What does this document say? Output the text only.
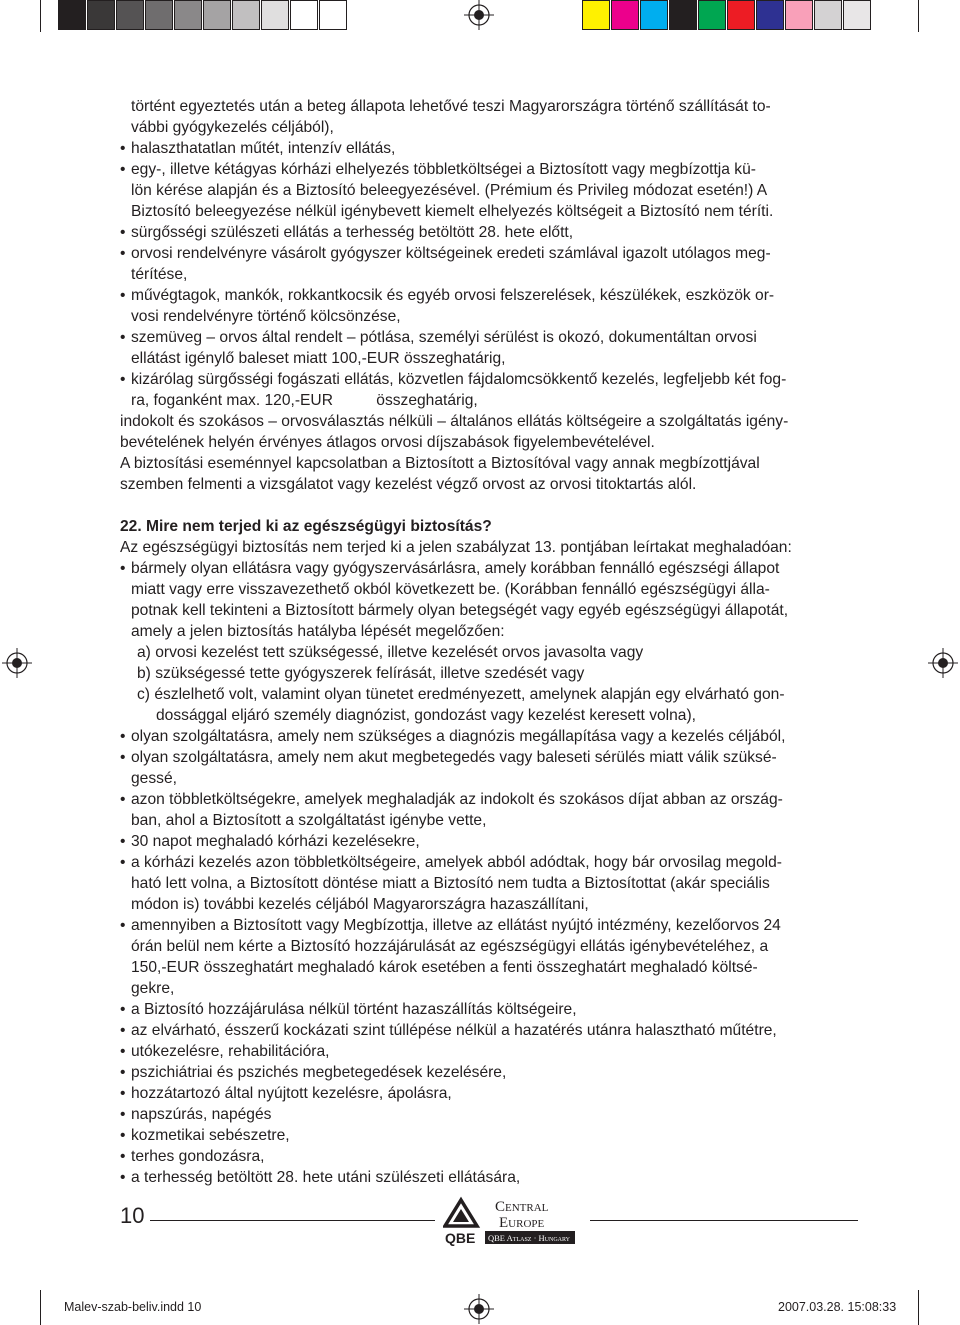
történt egyeztetés után a beteg állapota lehetővé teszi Magyarországra történő szállítását to-

vábbi gyógykezelés céljából),

• halaszthatatlan műtét, intenzív ellátás,

• egy-, illetve kétágyas kórházi elhelyezés többletköltségei a Biztosított vagy megbízottja kü-

lön kérése alapján és a Biztosító beleegyezésével. (Prémium és Privileg módozat esetén!) A

Biztosító beleegyezése nélkül igénybevett kiemelt elhelyezés költségeit a Biztosító nem téríti.

• sürgősségi szülészeti ellátás a terhesség betöltött 28. hete előtt,

• orvosi rendelvényre vásárolt gyógyszer költségeinek eredeti számlával igazolt utólagos meg-

térítése,

• művégtagok, mankók, rokkantkocsik és egyéb orvosi felszerelések, készülékek, eszközök or-

vosi rendelvényre történő kölcsönzése,

• szemüveg – orvos által rendelt – pótlása, személyi sérülést is okozó, dokumentáltan orvosi

ellátást igénylő baleset miatt 100,-EUR összeghatárig,

• kizárólag sürgősségi fogászati ellátás, közvetlen fájdalomcsökkentő kezelés, legfeljebb két fog-

ra, foganként max. 120,-EUR          összeghatárig,

indokolt és szokásos – orvosválasztás nélküli – általános ellátás költségeire a szolgáltatás igény-

bevételének helyén érvényes átlagos orvosi díjszabások figyelembevételével.

A biztosítási eseménnyel kapcsolatban a Biztosított a Biztosítóval vagy annak megbízottjával

szemben felmenti a vizsgálatot vagy kezelést végző orvost az orvosi titoktartás alól.

22. Mire nem terjed ki az egészségügyi biztosítás?

Az egészségügyi biztosítás nem terjed ki a jelen szabályzat 13. pontjában leírtakat meghaladóan:

• bármely olyan ellátásra vagy gyógyszervásárlásra, amely korábban fennálló egészségi állapot

miatt vagy erre visszavezethető okból következett be. (Korábban fennálló egészségügyi álla-

potnak kell tekinteni a Biztosított bármely olyan betegségét vagy egyéb egészségügyi állapotát,

amely a jelen biztosítás hatályba lépését megelőzően:

a) orvosi kezelést tett szükségessé, illetve kezelését orvos javasolta vagy

b) szükségessé tette gyógyszerek felírását, illetve szedését vagy

c) észlelhető volt, valamint olyan tünetet eredményezett, amelynek alapján egy elvárható gon-

dossággal eljáró személy diagnózist, gondozást vagy kezelést keresett volna),

• olyan szolgáltatásra, amely nem szükséges a diagnózis megállapítása vagy a kezelés céljából,

• olyan szolgáltatásra, amely nem akut megbetegedés vagy baleseti sérülés miatt válik szüksé-

gessé,

• azon többletköltségekre, amelyek meghaladják az indokolt és szokásos díjat abban az ország-

ban, ahol a Biztosított a szolgáltatást igénybe vette,

• 30 napot meghaladó kórházi kezelésekre,

• a kórházi kezelés azon többletköltségeire, amelyek abból adódtak, hogy bár orvosilag megold-

ható lett volna, a Biztosított döntése miatt a Biztosító nem tudta a Biztosítottat (akár speciális

módon is) további kezelés céljából Magyarországra hazaszállítani,

• amennyiben a Biztosított vagy Megbízottja, illetve az ellátást nyújtó intézmény, kezelőorvos 24

órán belül nem kérte a Biztosító hozzájárulását az egészségügyi ellátás igénybevételéhez, a

150,-EUR összeghatárt meghaladó károk esetében a fenti összeghatárt meghaladó költsé-

gekre,

• a Biztosító hozzájárulása nélkül történt hazaszállítás költségeire,

• az elvárható, ésszerű kockázati szint túllépése nélkül a hazatérés utánra halasztható műtétre,

• utókezelésre, rehabilitációra,

• pszichiátriai és pszichés megbetegedések kezelésére,

• hozzátartozó által nyújtott kezelésre, ápolásra,

• napszúrás, napégés

• kozmetikai sebészetre,

• terhes gondozásra,

• a terhesség betöltött 28. hete utáni szülészeti ellátására,

10
QBE
Central
Europe
QBE Atlasz · Hungary
Malev-szab-beliv.indd 10	2007.03.28. 15:08:33
